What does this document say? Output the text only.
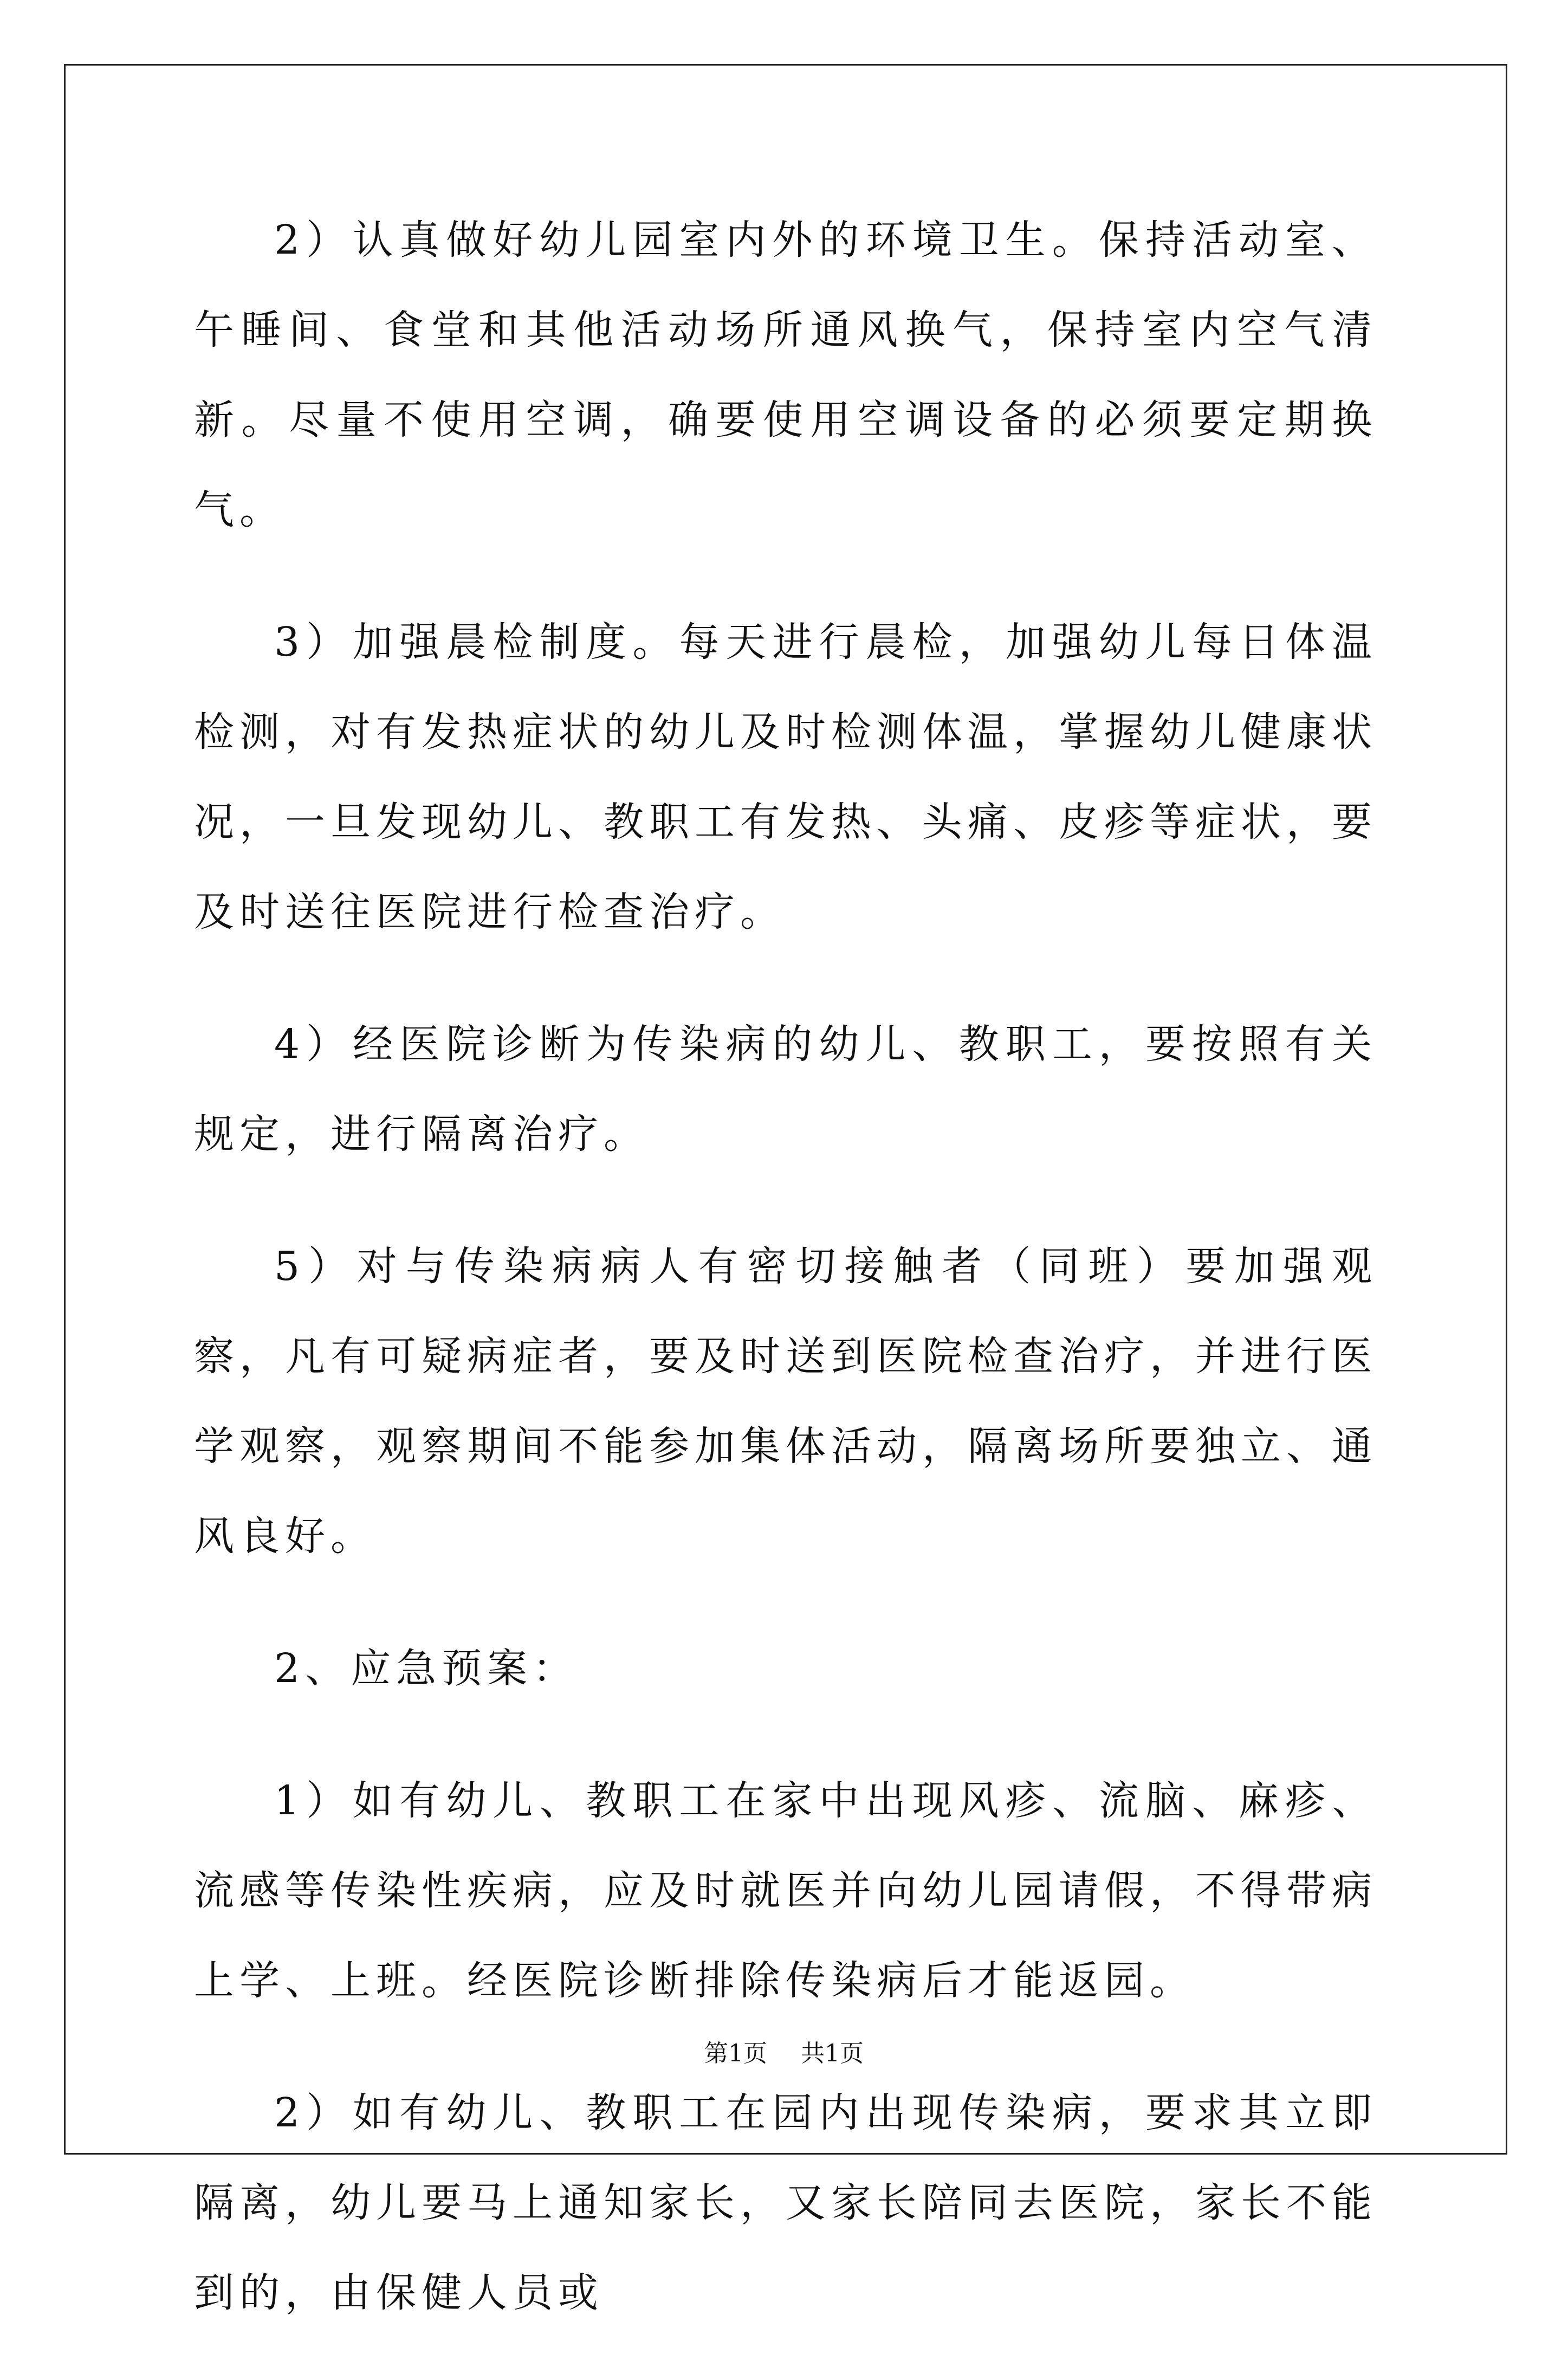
2）认真做好幼儿园室内外的环境卫生。保持活动室、午睡间、食堂和其他活动场所通风换气，保持室内空气清新。尽量不使用空调，确要使用空调设备的必须要定期换气。

3）加强晨检制度。每天进行晨检，加强幼儿每日体温检测，对有发热症状的幼儿及时检测体温，掌握幼儿健康状况，一旦发现幼儿、教职工有发热、头痛、皮疹等症状，要及时送往医院进行检查治疗。

4）经医院诊断为传染病的幼儿、教职工，要按照有关规定，进行隔离治疗。

5）对与传染病病人有密切接触者（同班）要加强观察，凡有可疑病症者，要及时送到医院检查治疗，并进行医学观察，观察期间不能参加集体活动，隔离场所要独立、通风良好。

2、应急预案：

1）如有幼儿、教职工在家中出现风疹、流脑、麻疹、流感等传染性疾病，应及时就医并向幼儿园请假，不得带病上学、上班。经医院诊断排除传染病后才能返园。

2）如有幼儿、教职工在园内出现传染病，要求其立即隔离，幼儿要马上通知家长，又家长陪同去医院，家长不能到的，由保健人员或

第1页 共1页
